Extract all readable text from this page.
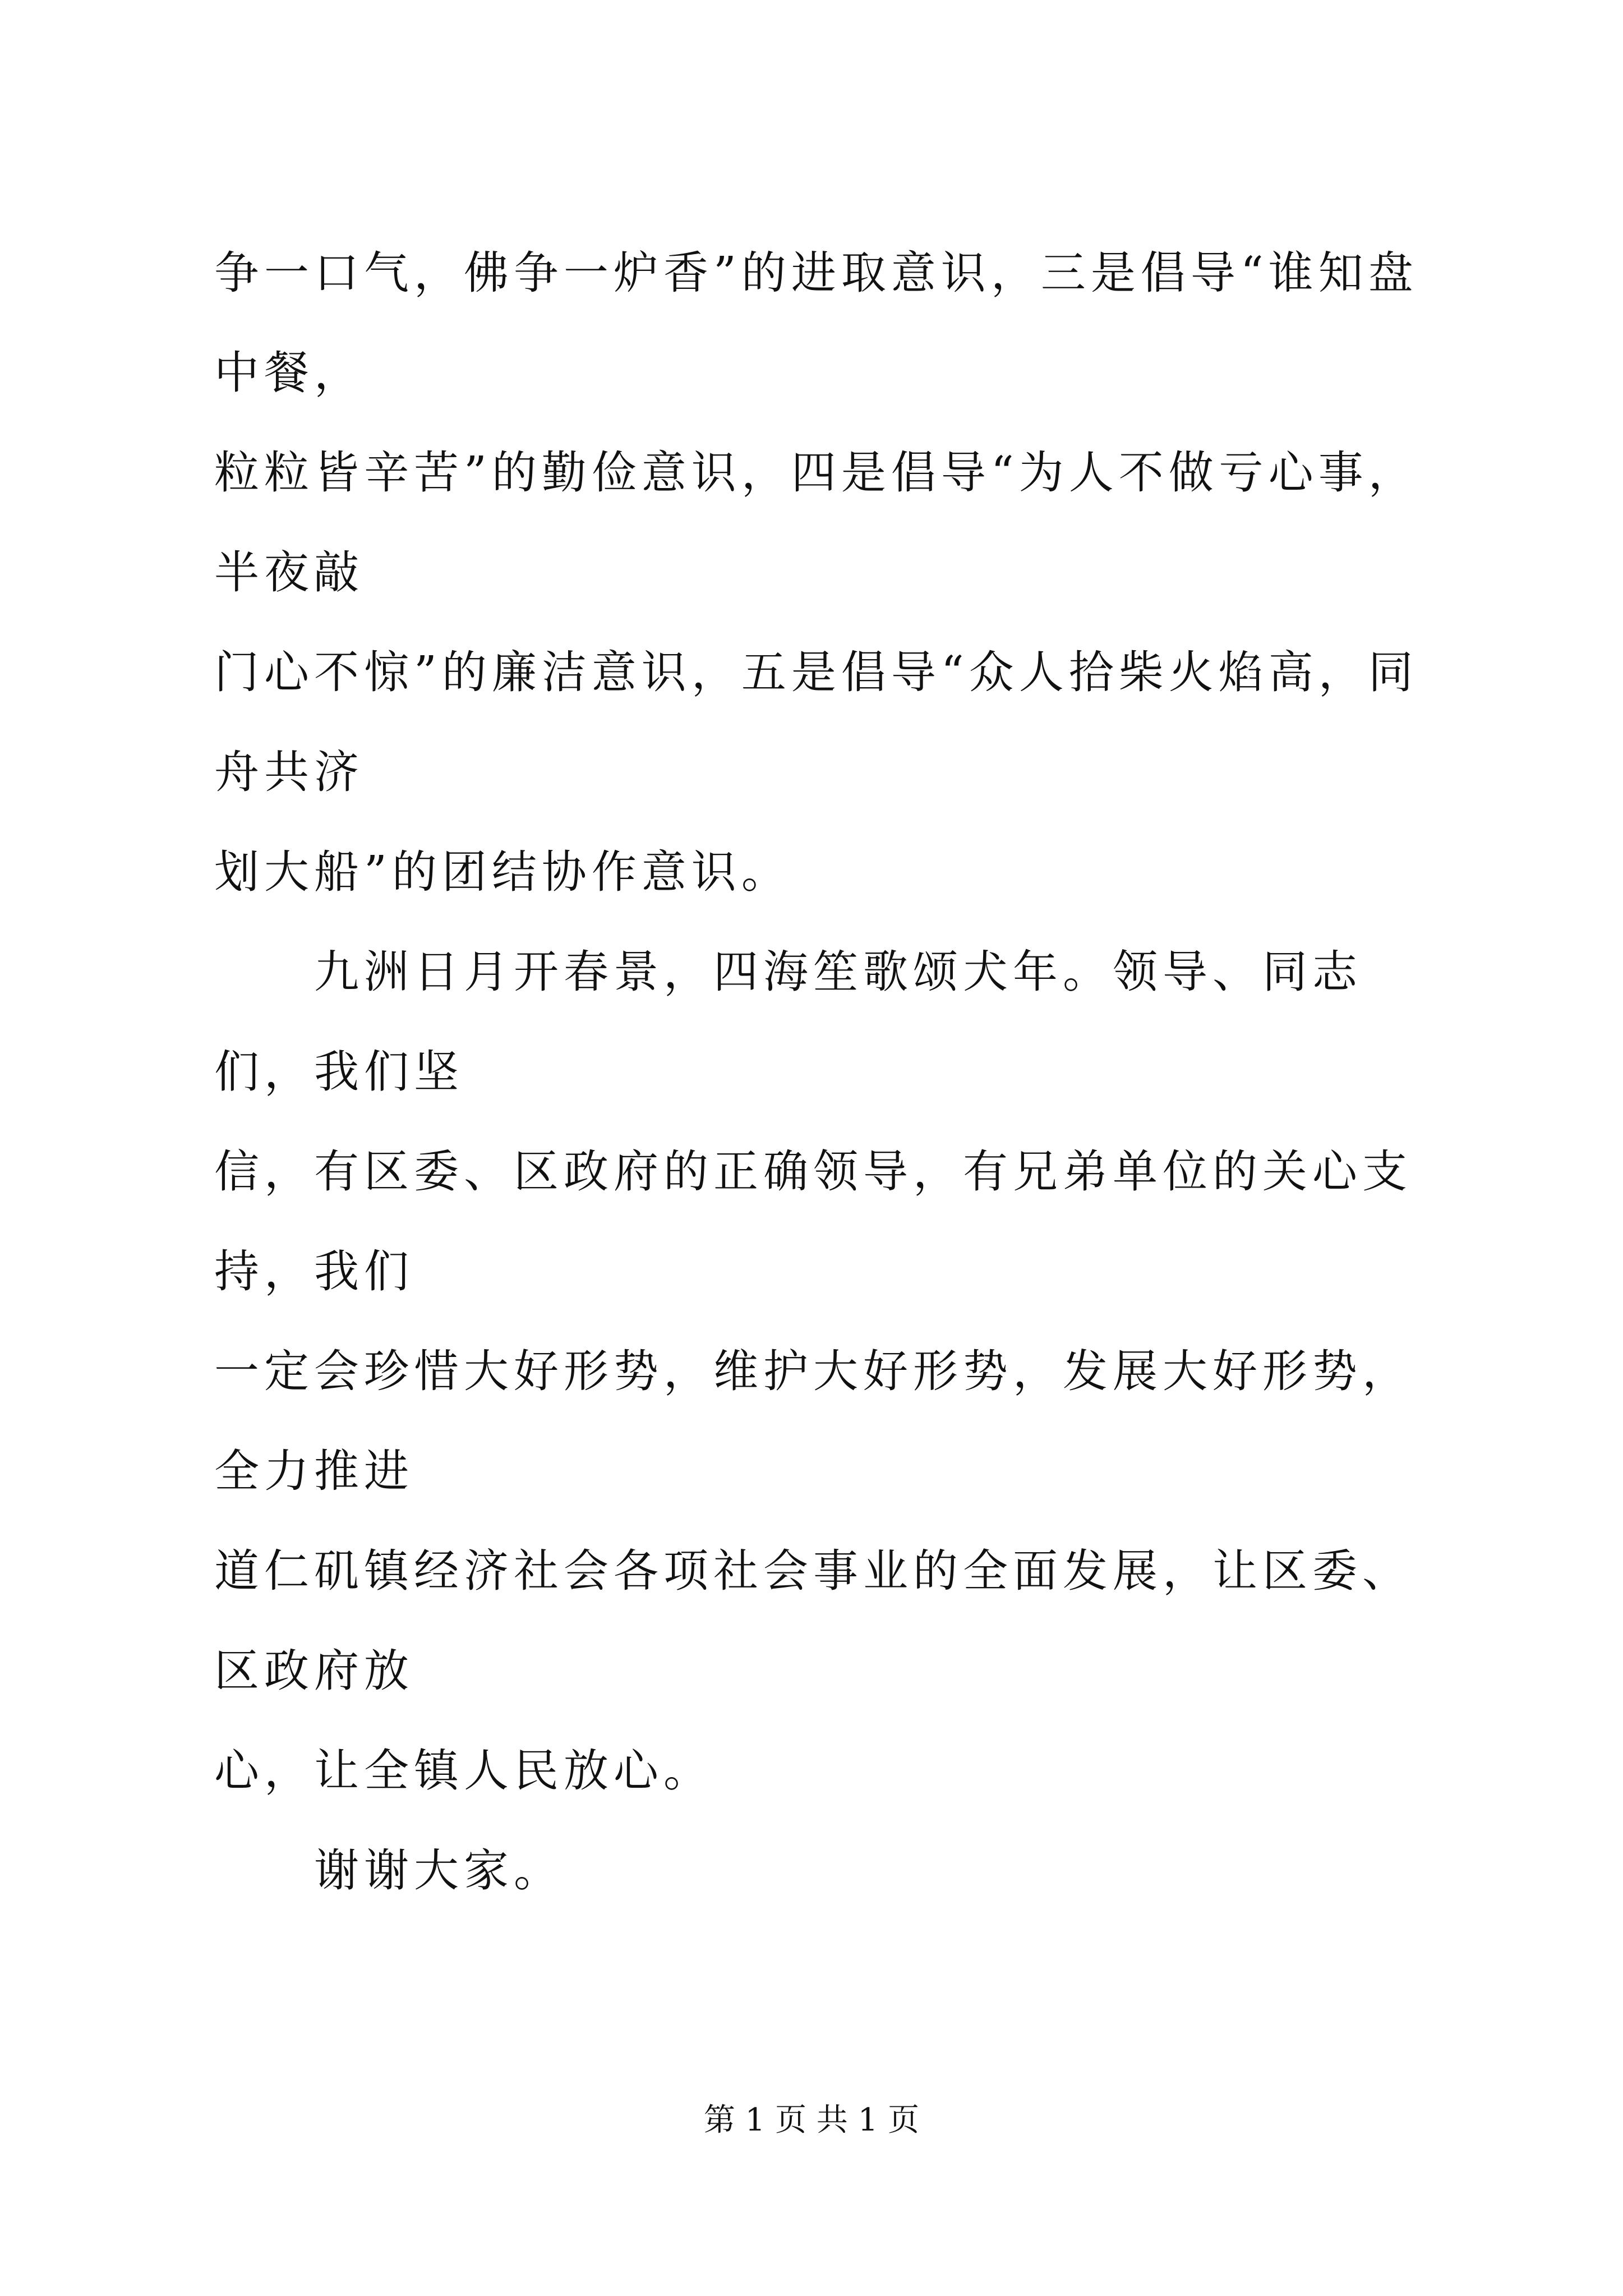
争一口气，佛争一炉香”的进取意识，三是倡导“谁知盘中餐，
粒粒皆辛苦”的勤俭意识，四是倡导“为人不做亏心事，半夜敲
门心不惊”的廉洁意识，五是倡导“众人拾柴火焰高，同舟共济
划大船”的团结协作意识。

九洲日月开春景，四海笙歌颂犬年。领导、同志们，我们坚
信，有区委、区政府的正确领导，有兄弟单位的关心支持，我们
一定会珍惜大好形势，维护大好形势，发展大好形势，全力推进
道仁矶镇经济社会各项社会事业的全面发展，让区委、区政府放
心，让全镇人民放心。

谢谢大家。

第 1 页 共 1 页
